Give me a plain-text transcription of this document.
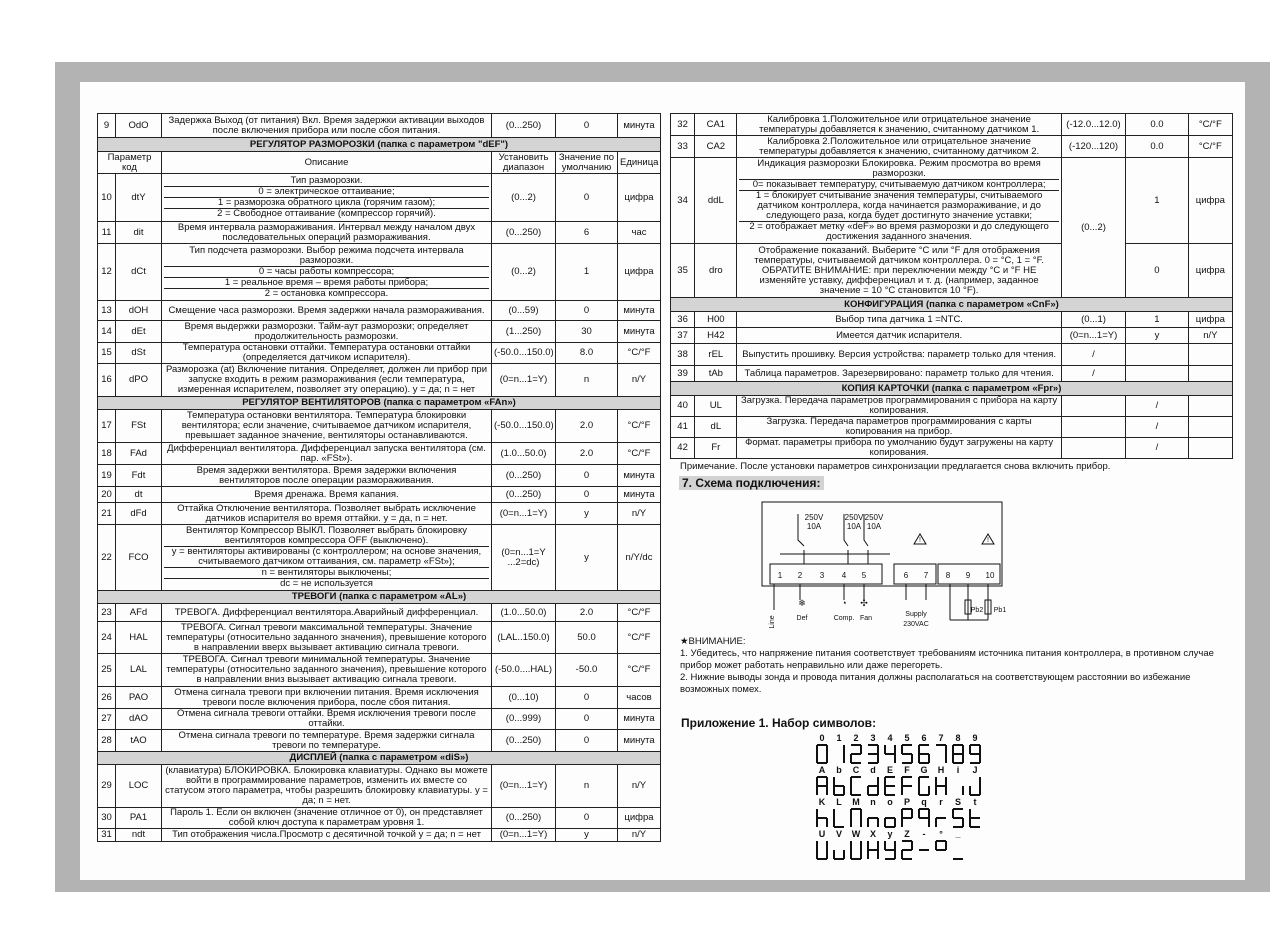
9	OdO	Задержка Выход (от питания) Вкл. Время задержки активации выходов после включения прибора или после сбоя питания.	(0...250)	0	минута
РЕГУЛЯТОР РАЗМОРОЗКИ (папка с параметром "dEF")					
Параметр
код		Описание	Установить диапазон	Значение по умолчанию	Единица
10	dtY	Тип разморозки.
0 = электрическое оттаивание;
1 = разморозка обратного цикла (горячим газом);
2 = Свободное оттаивание (компрессор горячий).	(0...2)	0	цифра
11	dit	Время интервала размораживания. Интервал между началом двух последовательных операций размораживания.	(0...250)	6	час
12	dCt	Тип подсчета разморозки. Выбор режима подсчета интервала разморозки.
0 = часы работы компрессора;
1 = реальное время – время работы прибора;
2 = остановка компрессора.	(0...2)	1	цифра
13	dOH	Смещение часа разморозки. Время задержки начала размораживания.	(0...59)	0	минута
14	dEt	Время выдержки разморозки. Тайм-аут разморозки; определяет продолжительность разморозки.	(1...250)	30	минута
15	dSt	Температура остановки оттайки. Температура остановки оттайки (определяется датчиком испарителя).	(-50.0...150.0)	8.0	°C/°F
16	dPO	Разморозка (at) Включение питания. Определяет, должен ли прибор при запуске входить в режим размораживания (если температура, измеренная испарителем, позволяет эту операцию). y = да; n = нет	(0=n...1=Y)	n	n/Y
РЕГУЛЯТОР ВЕНТИЛЯТОРОВ (папка с параметром «FAn»)					
17	FSt	Температура остановки вентилятора. Температура блокировки вентилятора; если значение, считываемое датчиком испарителя, превышает заданное значение, вентиляторы останавливаются.	(-50.0...150.0)	2.0	°C/°F
18	FAd	Дифференциал вентилятора. Дифференциал запуска вентилятора (см. пар. «FSt»).	(1.0...50.0)	2.0	°C/°F
19	Fdt	Время задержки вентилятора. Время задержки включения вентиляторов после операции размораживания.	(0...250)	0	минута
20	dt	Время дренажа. Время капания.	(0...250)	0	минута
21	dFd	Оттайка Отключение вентилятора. Позволяет выбрать исключение датчиков испарителя во время оттайки. y = да, n = нет.	(0=n...1=Y)	y	n/Y
22	FCO	Вентилятор Компрессор ВЫКЛ. Позволяет выбрать блокировку вентиляторов компрессора OFF (выключено).
y = вентиляторы активированы (с контроллером; на основе значения, считываемого датчиком оттаивания, см. параметр «FSt»);
n = вентиляторы выключены;
dc = не используется	(0=n...1=Y ...2=dc)	y	n/Y/dc
ТРЕВОГИ (папка с параметром «AL»)					
23	AFd	ТРЕВОГА. Дифференциал вентилятора.Аварийный дифференциал.	(1.0...50.0)	2.0	°C/°F
24	HAL	ТРЕВОГА. Сигнал тревоги максимальной температуры. Значение температуры (относительно заданного значения), превышение которого в направлении вверх вызывает активацию сигнала тревоги.	(LAL..150.0)	50.0	°C/°F
25	LAL	ТРЕВОГА. Сигнал тревоги минимальной температуры. Значение температуры (относительно заданного значения), превышение которого в направлении вниз вызывает активацию сигнала тревоги.	(-50.0....HAL)	-50.0	°C/°F
26	PAO	Отмена сигнала тревоги при включении питания. Время исключения тревоги после включения прибора, после сбоя питания.	(0...10)	0	часов
27	dAO	Отмена сигнала тревоги оттайки. Время исключения тревоги после оттайки.	(0...999)	0	минута
28	tAO	Отмена сигнала тревоги по температуре. Время задержки сигнала тревоги по температуре.	(0...250)	0	минута
ДИСПЛЕЙ (папка с параметром «diS»)					
29	LOC	(клавиатура) БЛОКИРОВКА. Блокировка клавиатуры. Однако вы можете войти в программирование параметров, изменить их вместе со статусом этого параметра, чтобы разрешить блокировку клавиатуры. y = да; n = нет.	(0=n...1=Y)	n	n/Y
30	PA1	Пароль 1. Если он включен (значение отличное от 0), он представляет собой ключ доступа к параметрам уровня 1.	(0...250)	0	цифра
31	ndt	Тип отображения числа.Просмотр с десятичной точкой y = да; n = нет	(0=n...1=Y)	y	n/Y
32	CA1	Калибровка 1.Положительное или отрицательное значение температуры добавляется к значению, считанному датчиком 1.	(-12.0...12.0)	0.0	°C/°F
33	CA2	Калибровка 2.Положительное или отрицательное значение температуры добавляется к значению, считанному датчиком 2.	(-120...120)	0.0	°C/°F
34	ddL	Индикация разморозки Блокировка. Режим просмотра во время разморозки.
0= показывает температуру, считываемую датчиком контроллера;
1 = блокирует считывание значения температуры, считываемого датчиком контроллера, когда начинается размораживание, и до следующего раза, когда будет достигнуто значение уставки;
2 = отображает метку «deF» во время разморозки и до следующего достижения заданного значения.	(0...2)	1	цифра
35	dro	Отображение показаний. Выберите °C или °F для отображения температуры, считываемой датчиком контроллера. 0 = °C, 1 = °F. ОБРАТИТЕ ВНИМАНИЕ: при переключении между °C и °F НЕ изменяйте уставку, дифференциал и т. д. (например, заданное значение = 10 °C становится 10 °F).		0	цифра
КОНФИГУРАЦИЯ (папка с параметром «CnF»)					
36	H00	Выбор типа датчика 1 =NTC.	(0...1)	1	цифра
37	H42	Имеется датчик испарителя.	(0=n...1=Y)	y	n/Y
38	rEL	Выпустить прошивку. Версия устройства: параметр только для чтения.	/		
39	tAb	Таблица параметров. Зарезервировано: параметр только для чтения.	/		
КОПИЯ КАРТОЧКИ (папка с параметром «Fpr»)					
40	UL	Загрузка. Передача параметров программирования с прибора на карту копирования.		/	
41	dL	Загрузка. Передача параметров программирования с карты копирования на прибор.		/	
42	Fr	Формат. параметры прибора по умолчанию будут загружены на карту копирования.		/	
Примечание. После установки параметров синхронизации предлагается снова включить прибор.
7. Схема подключения:
250V
10A
250V
10A
250V
10A
1 2 3 4 5	6 7 8 9 10
!	!
❄	◔ ✣
Line	Def	Comp. Fan
Supply
230VAC
Pb2 Pb1

★ВНИМАНИЕ:

1. Убедитесь, что напряжение питания соответствует требованиям источника питания контроллера, в противном случае прибор может работать неправильно или даже перегореть.

2. Нижние выводы зонда и провода питания должны располагаться на соответствующем расстоянии во избежание возможных помех.

Приложение 1. Набор символов:
0 1 2 3 4 5 6 7 8 9
A b C d E F G H i J
K L M n o P q r S t
U V W X y Z - ° _
